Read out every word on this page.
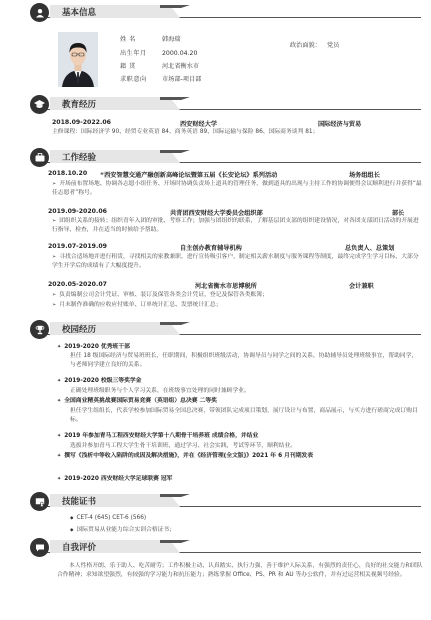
基本信息
姓 名	韩海瑞
出生年月 2000.04.20
籍 贯	河北省衡水市
求职意向 市场部-项目部
政治面貌： 党员
教育经历
2018.09-2022.06	西安财经大学	国际经济与贸易
主修课程：国际经济学 90、经贸专业英语 84、商务英语 89、国际运输与保险 86、国际商务谈判 81；
工作经验
2018.10.20 “西安智慧交通产融创新高峰论坛暨第五届《长安论坛》系列活动	场务组组长
➢ 开场前布置场地、协调各志愿小组任务、开场时协调负责场上道具的管理任务，做到道具的出现与主持工作的协调便得会议顺利进行并获得“最佳志愿者”称号。
2019.09-2020.06	共青团西安财经大学委员会组织部	部长
➢ 团组织关系的接转；组织青年入团的审批、考察工作；加强与团组织的联系，了解基层团支部的组织建设情况，对各团支部团日活动的开展进行指导、检查，并在适当的时候给予帮助。
2019.07-2019.09	自主创办教育辅导机构	总负责人、总策划
➢ 寻找合适场地并进行租赁，寻找相关的家教兼职，进行宣传吸引客户，制定相关薪水制度与服务课程等制度，最终完成学生学习目标，大部分学生开学后的成绩有了大幅度提升。
2020.05-2020.07	河北省衡水市思博税所	会计兼职
➢ 负责编制公司会计凭证、审核、装订及保管各类会计凭证，登记及保管各类账簿；
➢ 月末制作准确的应收应付账单、订单统计汇总、发票统计汇总；
校园经历
✦ 2019-2020 优秀班干部
担任 18 级国际经济与贸易班班长，任职期间，积极组织班级活动，协调导员与同学之间的关系，协助辅导员处理班级事宜，帮助同学，与老师同学建立良好的关系。
✦ 2019-2020 校级三等奖学金
正确处理班级职务与个人学习关系，在班级事宜处理的同时兼顾学业。
✦ 全国商业精英挑战赛国际贸易竞赛（英语组）总决赛 二等奖
担任学生组组长，代表学校参加国际贸易全国总决赛，带领团队完成项目策划，展厅设计与布置，商品展示，与买方进行磋商完成订购目标。
✦ 2019 年参加青马工程西安财经大学第十八期骨干培养班 成绩合格，并结业
选拔并参加青马工程大学生骨干培训班，通过学习、社会实践，考试等环节，顺利结业。
✦ 撰写《浅析中等收入陷阱的成因及解决措施》，并在《经济管理(全文版)》2021 年 6 月刊期发表
✦ 2019-2020 西安财经大学足球联赛 冠军
技能证书
◆ CET-4 (645) CET-6 (566)
◆ 国际贸易从业能力综合实训合格证书；
自我评价
本人性格开朗、乐于助人、吃苦耐劳；工作积极主动、认真踏实、执行力强，善于维护人际关系，有强烈的责任心，良好的社交能力和团队合作精神；求知欲望强烈，有较强的学习能力和抗压能力；熟练掌握 Office、PS、PR 和 AU 等办公软件，并有过运营相关视频号经验。
